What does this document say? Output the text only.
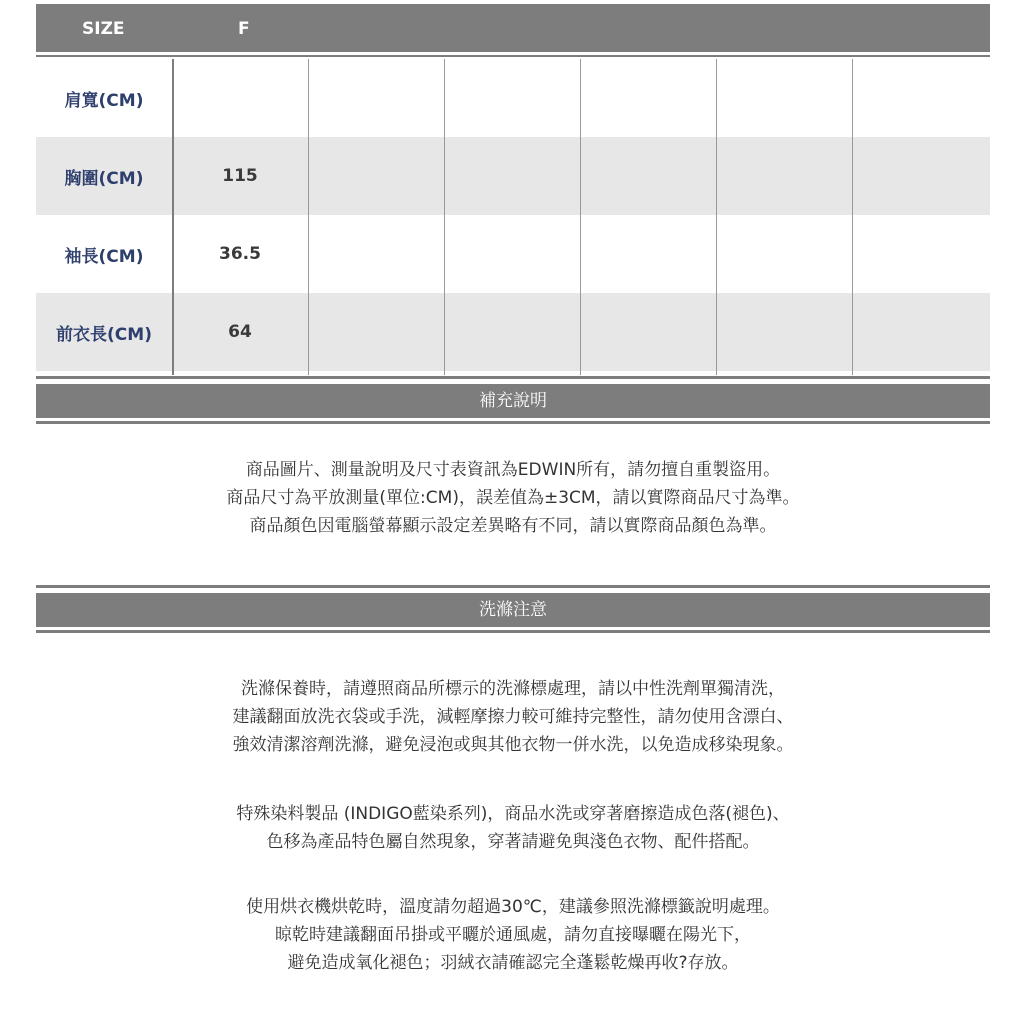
SIZE	F
肩寬(CM)
胸圍(CM)	115
袖長(CM)	36.5
前衣長(CM)	64
補充說明
商品圖片、測量說明及尺寸表資訊為EDWIN所有，請勿擅自重製盜用。
商品尺寸為平放測量(單位:CM)，誤差值為±3CM，請以實際商品尺寸為準。
商品顏色因電腦螢幕顯示設定差異略有不同，請以實際商品顏色為準。
洗滌注意
洗滌保養時，請遵照商品所標示的洗滌標處理，請以中性洗劑單獨清洗，
建議翻面放洗衣袋或手洗，減輕摩擦力較可維持完整性，請勿使用含漂白、
強效清潔溶劑洗滌，避免浸泡或與其他衣物一併水洗，以免造成移染現象。
特殊染料製品 (INDIGO藍染系列)，商品水洗或穿著磨擦造成色落(褪色)、
色移為產品特色屬自然現象，穿著請避免與淺色衣物、配件搭配。
使用烘衣機烘乾時，溫度請勿超過30℃，建議參照洗滌標籤說明處理。
晾乾時建議翻面吊掛或平曬於通風處，請勿直接曝曬在陽光下，
避免造成氧化褪色；羽絨衣請確認完全蓬鬆乾燥再收?存放。
